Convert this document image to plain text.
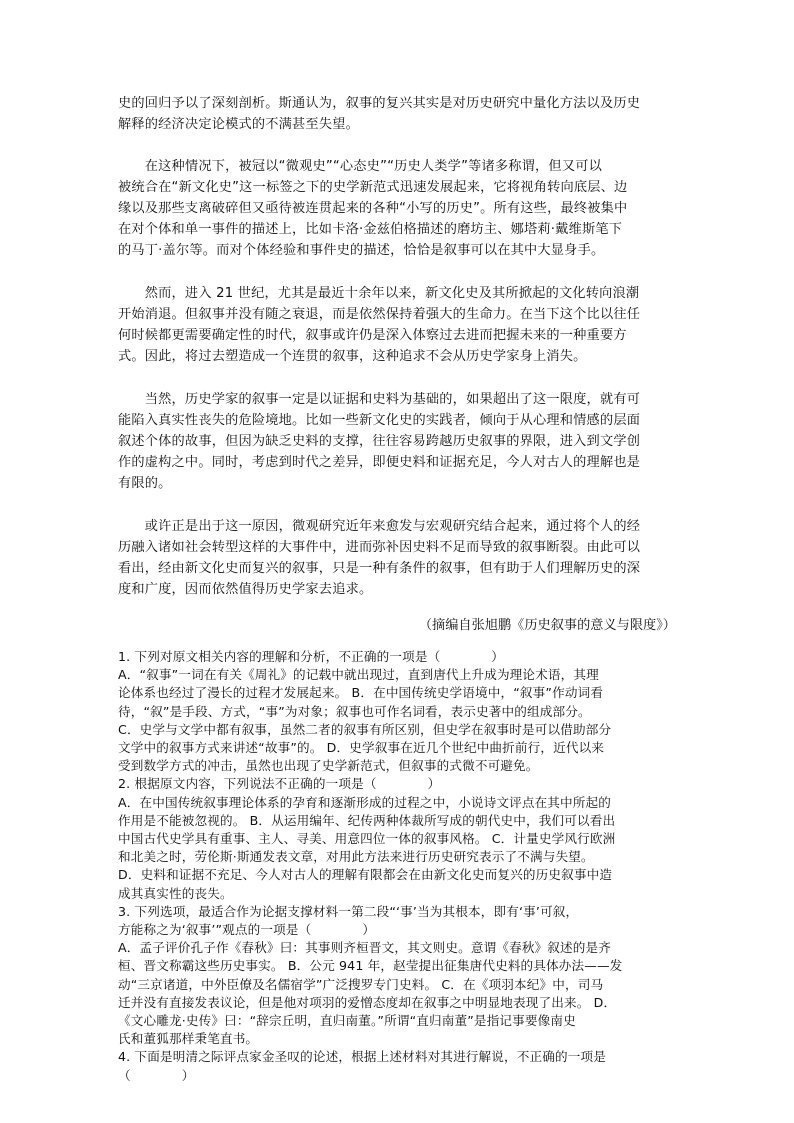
史的回归予以了深刻剖析。斯通认为，叙事的复兴其实是对历史研究中量化方法以及历史
解释的经济决定论模式的不满甚至失望。
　　在这种情况下，被冠以“微观史”“心态史”“历史人类学”等诸多称谓，但又可以
被统合在“新文化史”这一标签之下的史学新范式迅速发展起来，它将视角转向底层、边
缘以及那些支离破碎但又亟待被连贯起来的各种“小写的历史”。所有这些，最终被集中
在对个体和单一事件的描述上，比如卡洛·金兹伯格描述的磨坊主、娜塔莉·戴维斯笔下
的马丁·盖尔等。而对个体经验和事件史的描述，恰恰是叙事可以在其中大显身手。
　　然而，进入 21 世纪，尤其是最近十余年以来，新文化史及其所掀起的文化转向浪潮
开始消退。但叙事并没有随之衰退，而是依然保持着强大的生命力。在当下这个比以往任
何时候都更需要确定性的时代，叙事或许仍是深入体察过去进而把握未来的一种重要方
式。因此，将过去塑造成一个连贯的叙事，这种追求不会从历史学家身上消失。
　　当然，历史学家的叙事一定是以证据和史料为基础的，如果超出了这一限度，就有可
能陷入真实性丧失的危险境地。比如一些新文化史的实践者，倾向于从心理和情感的层面
叙述个体的故事，但因为缺乏史料的支撑，往往容易跨越历史叙事的界限，进入到文学创
作的虚构之中。同时，考虑到时代之差异，即便史料和证据充足，今人对古人的理解也是
有限的。
　　或许正是出于这一原因，微观研究近年来愈发与宏观研究结合起来，通过将个人的经
历融入诸如社会转型这样的大事件中，进而弥补因史料不足而导致的叙事断裂。由此可以
看出，经由新文化史而复兴的叙事，只是一种有条件的叙事，但有助于人们理解历史的深
度和广度，因而依然值得历史学家去追求。

（摘编自张旭鹏《历史叙事的意义与限度》）

1. 下列对原文相关内容的理解和分析，不正确的一项是（　　　　）
A．“叙事”一词在有关《周礼》的记载中就出现过，直到唐代上升成为理论术语，其理
论体系也经过了漫长的过程才发展起来。 B．在中国传统史学语境中，“叙事”作动词看
待，“叙”是手段、方式，“事”为对象；叙事也可作名词看，表示史著中的组成部分。
C．史学与文学中都有叙事，虽然二者的叙事有所区别，但史学在叙事时是可以借助部分
文学中的叙事方式来讲述“故事”的。 D．史学叙事在近几个世纪中曲折前行，近代以来
受到数学方式的冲击，虽然也出现了史学新范式，但叙事的式微不可避免。
2. 根据原文内容，下列说法不正确的一项是（　　　　）
A．在中国传统叙事理论体系的孕育和逐渐形成的过程之中，小说诗文评点在其中所起的
作用是不能被忽视的。 B．从运用编年、纪传两种体裁所写成的朝代史中，我们可以看出
中国古代史学具有重事、主人、寻美、用意四位一体的叙事风格。 C．计量史学风行欧洲
和北美之时，劳伦斯·斯通发表文章，对用此方法来进行历史研究表示了不满与失望。
D．史料和证据不充足、今人对古人的理解有限都会在由新文化史而复兴的历史叙事中造
成其真实性的丧失。
3. 下列选项，最适合作为论据支撑材料一第二段“‘事’当为其根本，即有‘事’可叙，
方能称之为‘叙事’”观点的一项是（　　　　）
A．孟子评价孔子作《春秋》曰：其事则齐桓晋文，其文则史。意谓《春秋》叙述的是齐
桓、晋文称霸这些历史事实。 B．公元 941 年，赵莹提出征集唐代史料的具体办法——发
动“三京诸道，中外臣僚及名儒宿学”广泛搜罗专门史料。 C．在《项羽本纪》中，司马
迁并没有直接发表议论，但是他对项羽的爱憎态度却在叙事之中明显地表现了出来。 D．
《文心雕龙·史传》曰：“辞宗丘明，直归南董。”所谓“直归南董”是指记事要像南史
氏和董狐那样秉笔直书。
4. 下面是明清之际评点家金圣叹的论述，根据上述材料对其进行解说，不正确的一项是
（　　　　）
